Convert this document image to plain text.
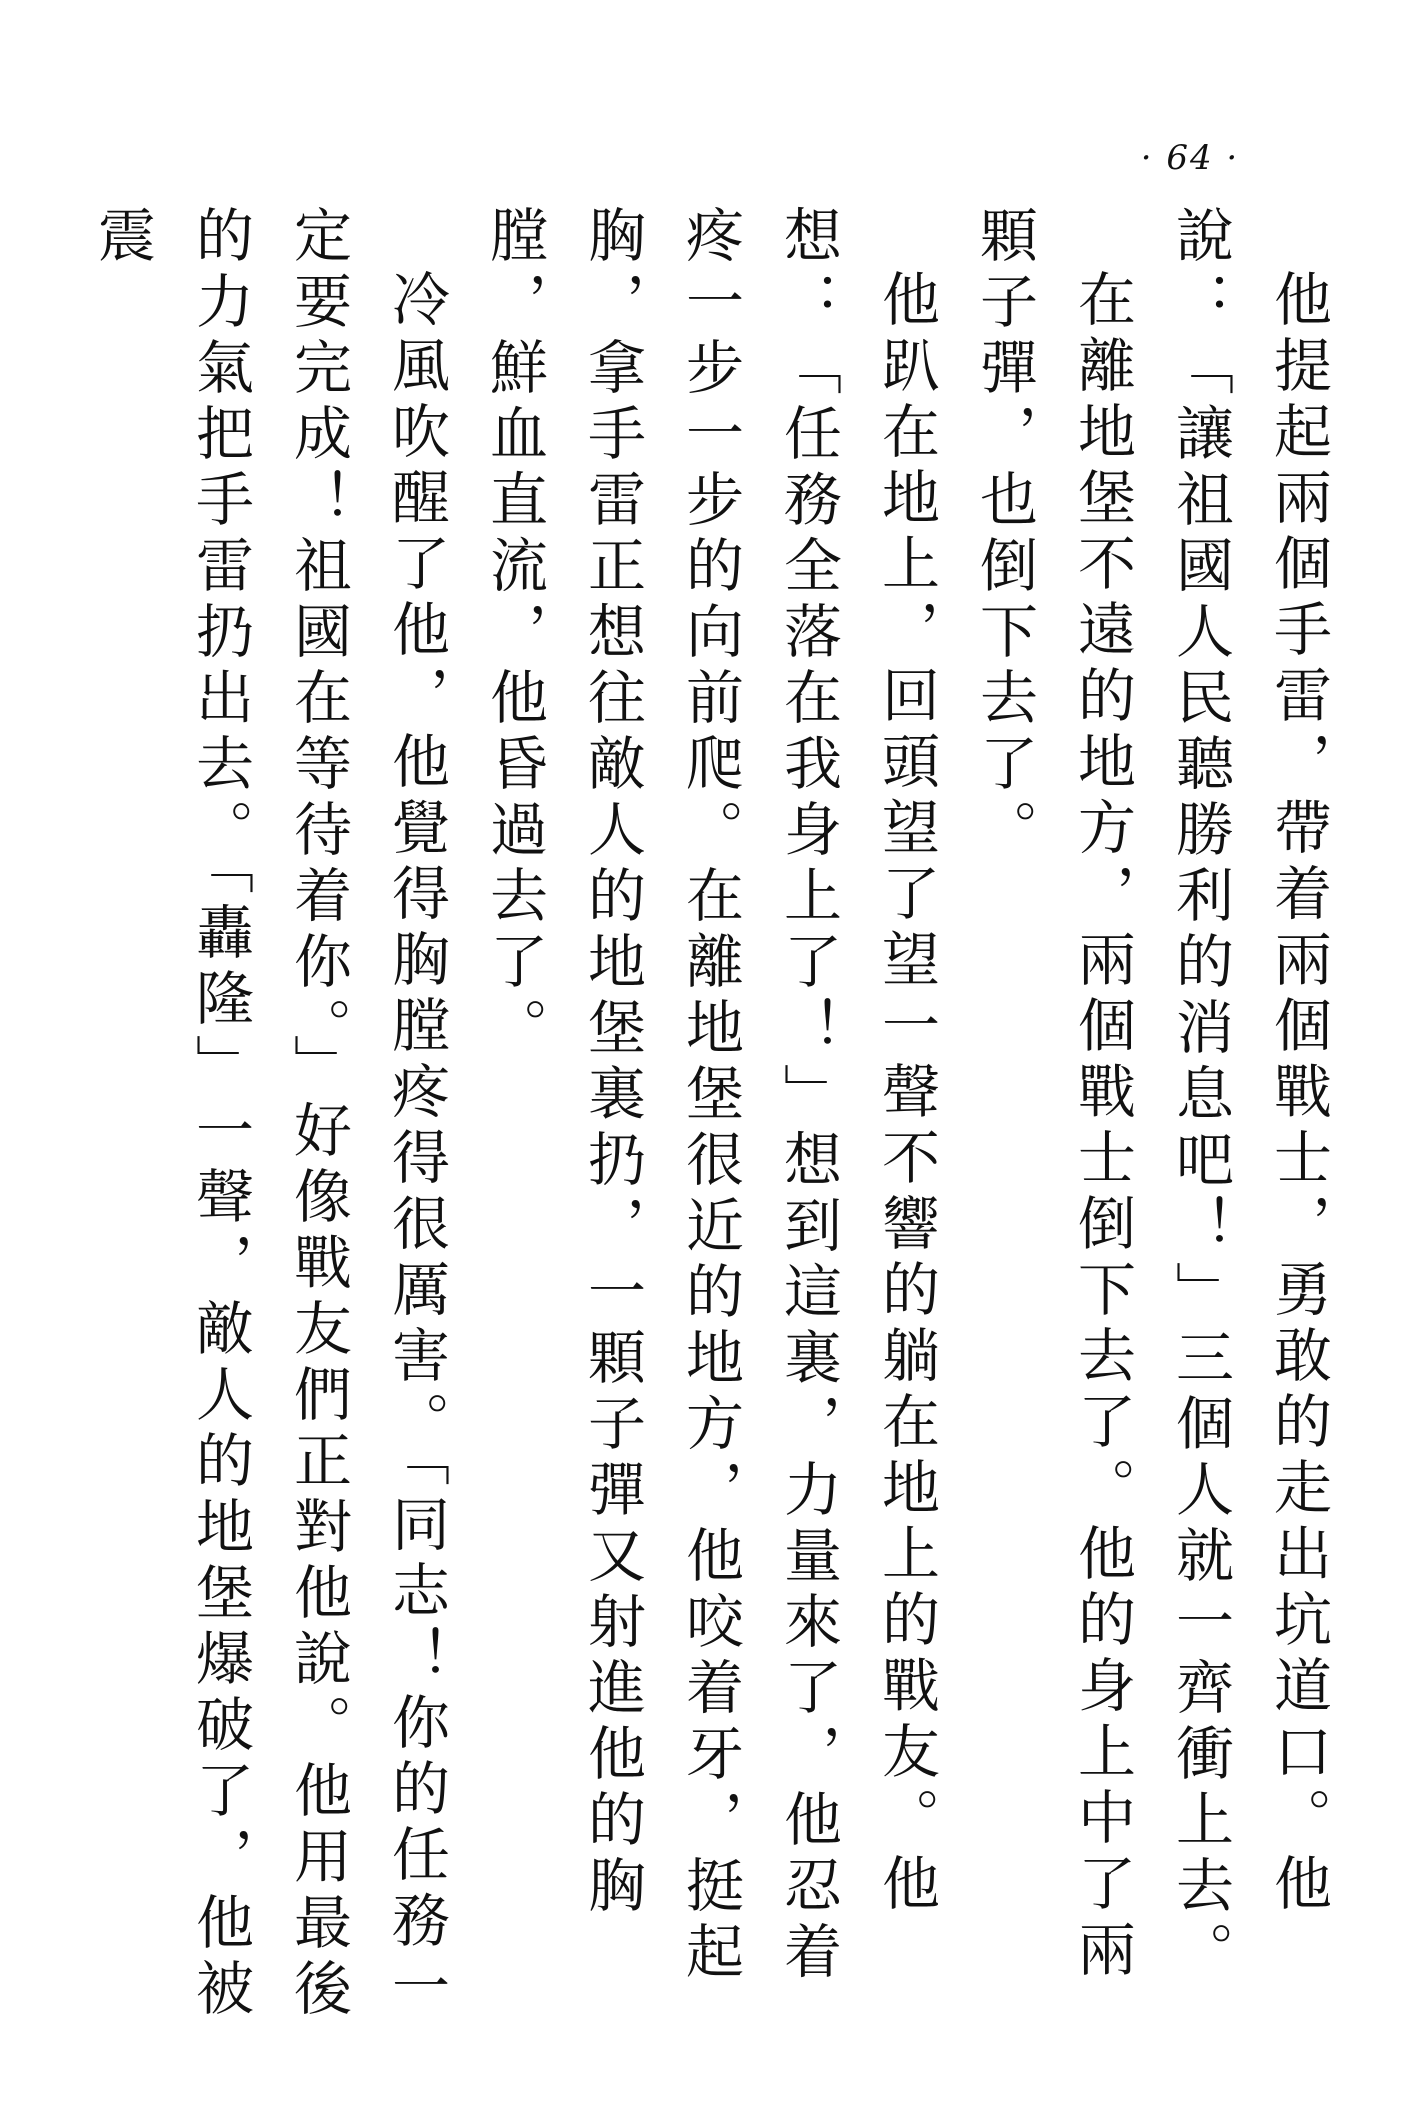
· 64 ·

他提起兩個手雷，帶着兩個戰士，勇敢的走出坑道口。他說：「讓祖國人民聽勝利的消息吧！」三個人就一齊衝上去。

在離地堡不遠的地方，兩個戰士倒下去了。他的身上中了兩顆子彈，也倒下去了。

他趴在地上，回頭望了望一聲不響的躺在地上的戰友。他想：「任務全落在我身上了！」想到這裏，力量來了，他忍着疼一步一步的向前爬。在離地堡很近的地方，他咬着牙，挺起胸，拿手雷正想往敵人的地堡裏扔，一顆子彈又射進他的胸膛，鮮血直流，他昏過去了。

冷風吹醒了他，他覺得胸膛疼得很厲害。「同志！你的任務一定要完成！祖國在等待着你。」好像戰友們正對他說。他用最後的力氣把手雷扔出去。「轟隆」一聲，敵人的地堡爆破了，他被震
